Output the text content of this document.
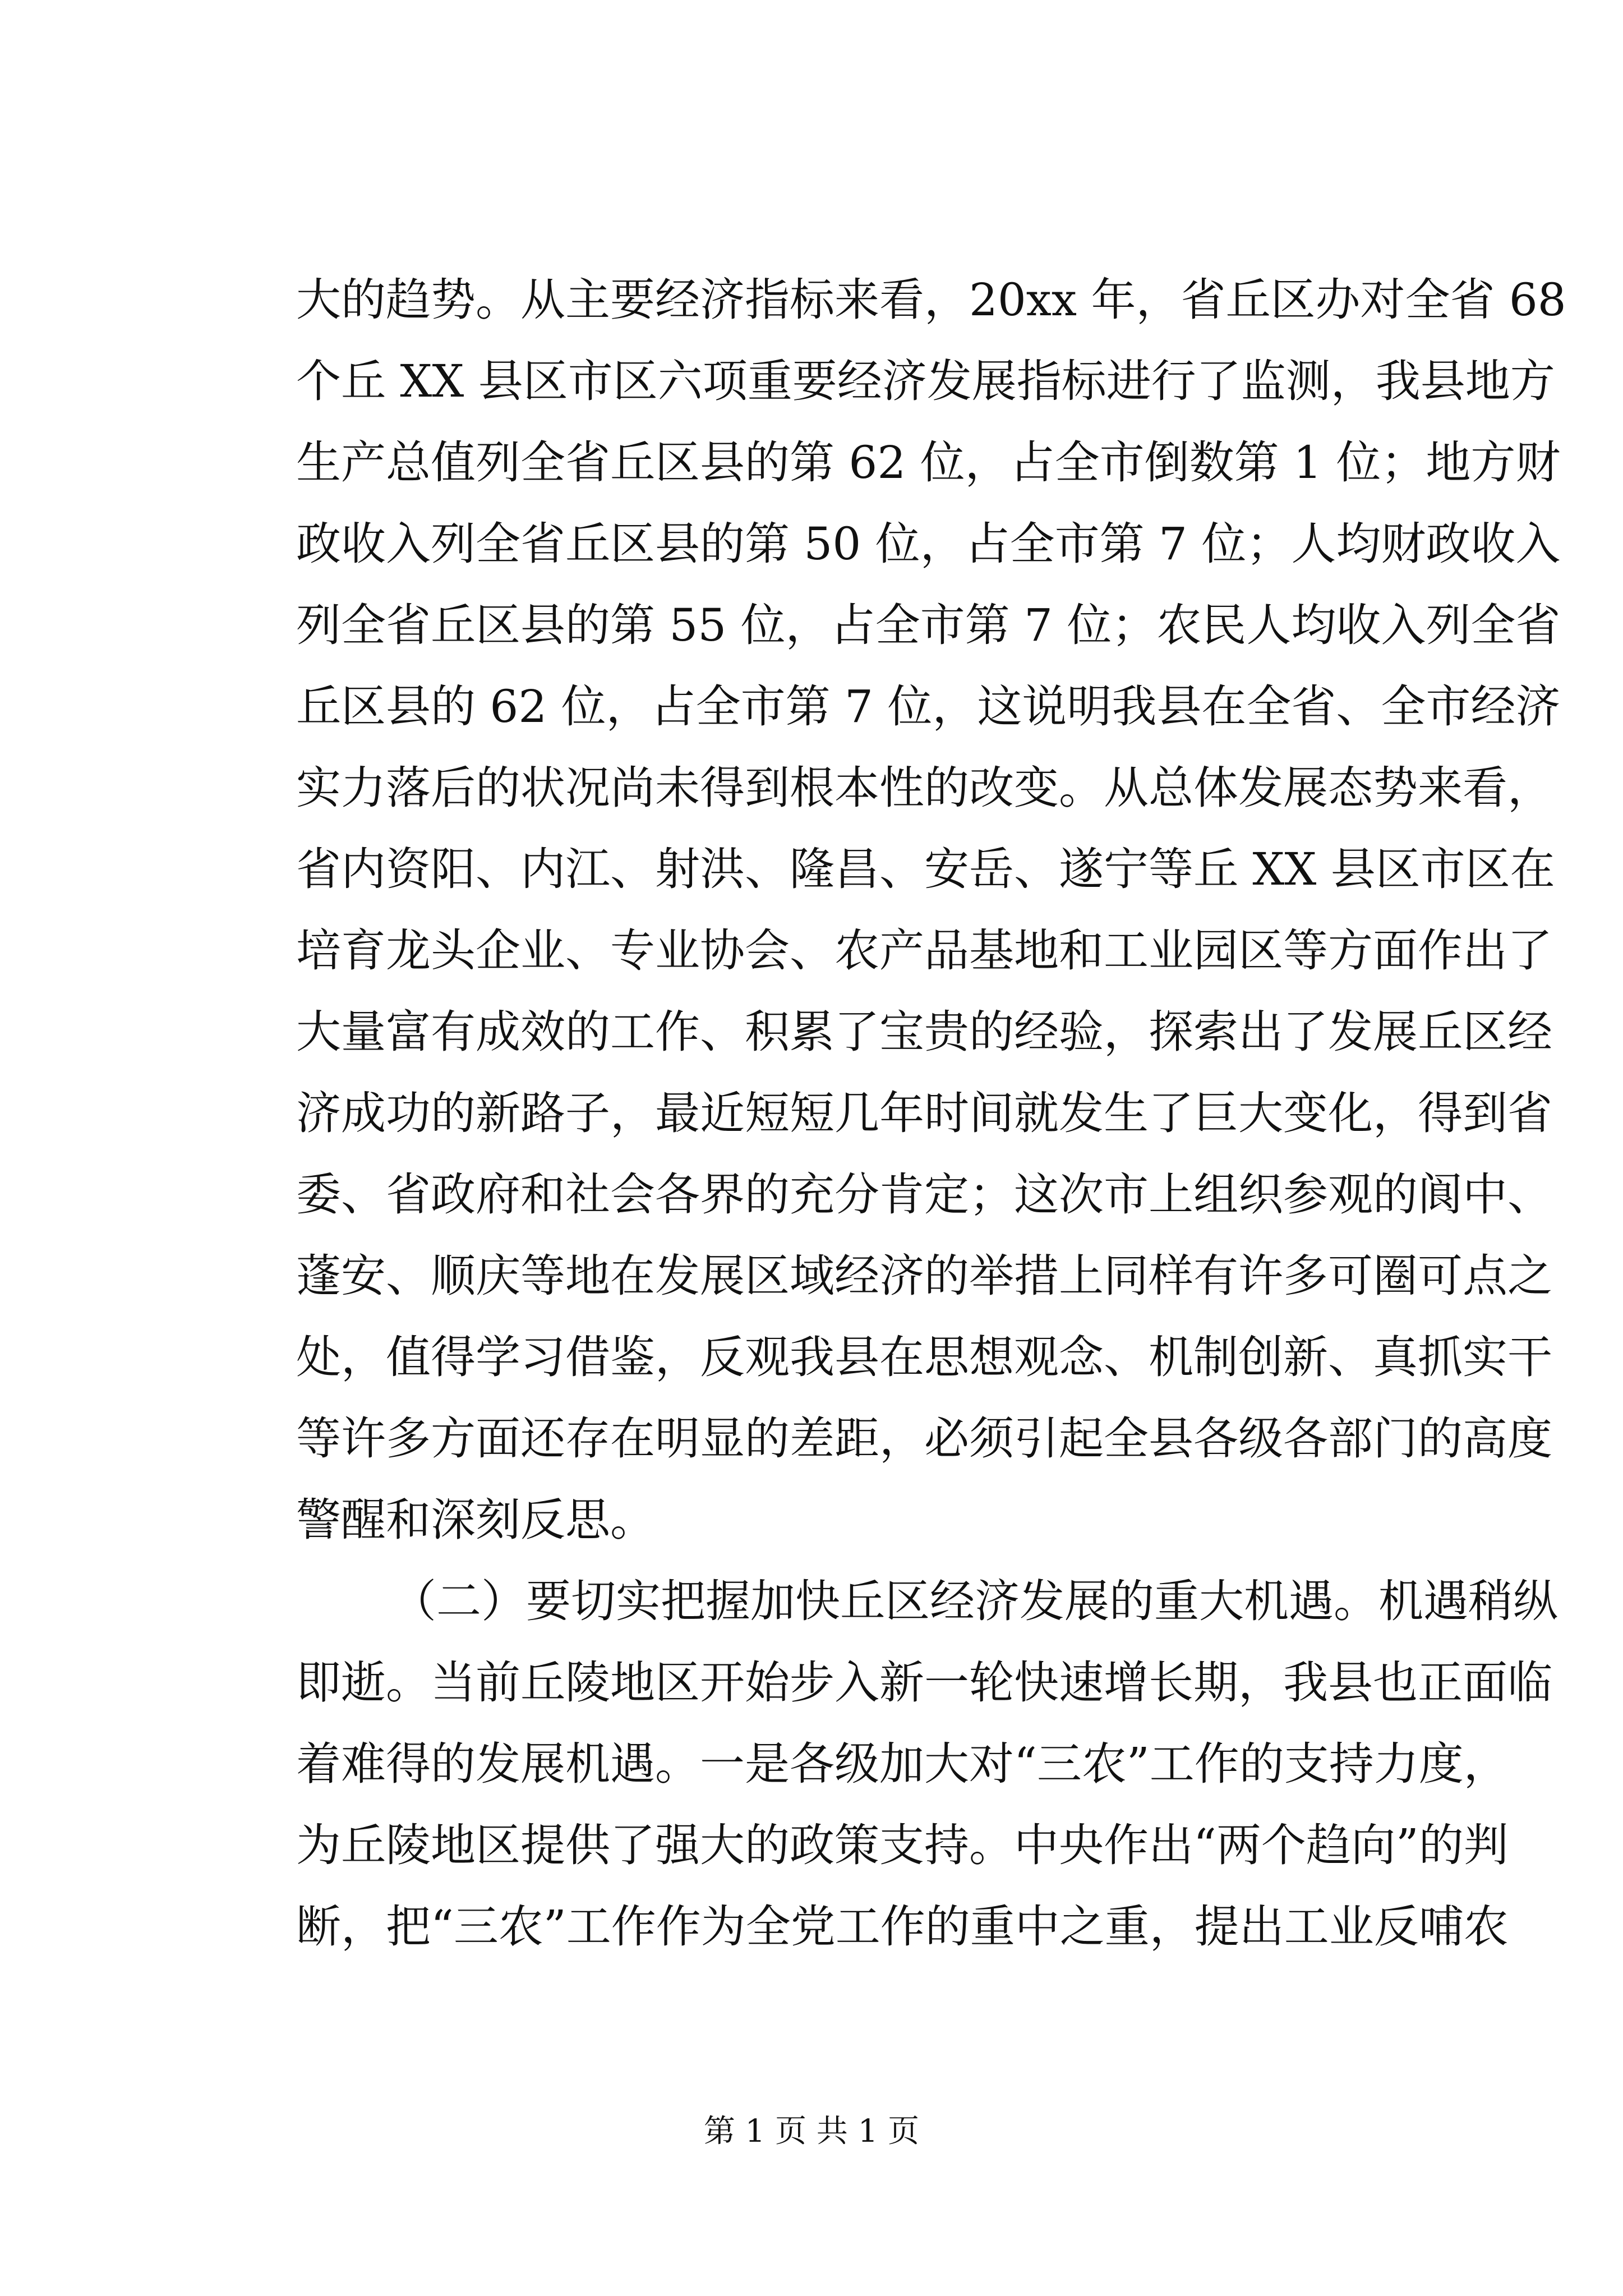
大的趋势。从主要经济指标来看，20xx 年，省丘区办对全省 68
个丘 XX 县区市区六项重要经济发展指标进行了监测，我县地方
生产总值列全省丘区县的第 62 位，占全市倒数第 1 位；地方财
政收入列全省丘区县的第 50 位，占全市第 7 位；人均财政收入
列全省丘区县的第 55 位，占全市第 7 位；农民人均收入列全省
丘区县的 62 位，占全市第 7 位，这说明我县在全省、全市经济
实力落后的状况尚未得到根本性的改变。从总体发展态势来看，
省内资阳、内江、射洪、隆昌、安岳、遂宁等丘 XX 县区市区在
培育龙头企业、专业协会、农产品基地和工业园区等方面作出了
大量富有成效的工作、积累了宝贵的经验，探索出了发展丘区经
济成功的新路子，最近短短几年时间就发生了巨大变化，得到省
委、省政府和社会各界的充分肯定；这次市上组织参观的阆中、
蓬安、顺庆等地在发展区域经济的举措上同样有许多可圈可点之
处，值得学习借鉴，反观我县在思想观念、机制创新、真抓实干
等许多方面还存在明显的差距，必须引起全县各级各部门的高度
警醒和深刻反思。
（二）要切实把握加快丘区经济发展的重大机遇。机遇稍纵
即逝。当前丘陵地区开始步入新一轮快速增长期，我县也正面临
着难得的发展机遇。一是各级加大对“三农”工作的支持力度，
为丘陵地区提供了强大的政策支持。中央作出“两个趋向”的判
断，把“三农”工作作为全党工作的重中之重，提出工业反哺农
第 1 页 共 1 页
